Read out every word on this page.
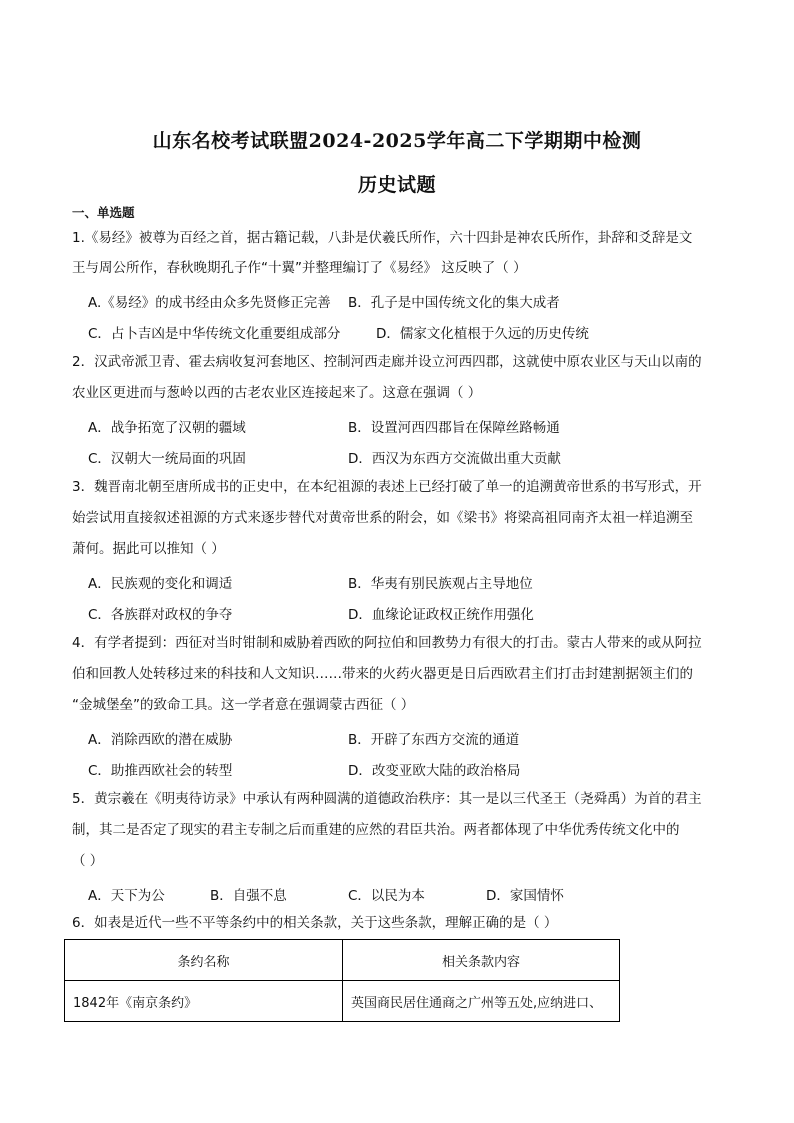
山东名校考试联盟2024-2025学年高二下学期期中检测
历史试题
一、单选题
1.《易经》被尊为百经之首，据古籍记载，八卦是伏羲氏所作，六十四卦是神农氏所作，卦辞和爻辞是文
王与周公所作，春秋晚期孔子作“十翼”并整理编订了《易经》 这反映了（ ）
A.《易经》的成书经由众多先贤修正完善 B．孔子是中国传统文化的集大成者
C．占卜吉凶是中华传统文化重要组成部分	D．儒家文化植根于久远的历史传统
2．汉武帝派卫青、霍去病收复河套地区、控制河西走廊并设立河西四郡，这就使中原农业区与天山以南的
农业区更进而与葱岭以西的古老农业区连接起来了。这意在强调（ ）
A．战争拓宽了汉朝的疆域	B．设置河西四郡旨在保障丝路畅通
C．汉朝大一统局面的巩固	D．西汉为东西方交流做出重大贡献
3．魏晋南北朝至唐所成书的正史中，在本纪祖源的表述上已经打破了单一的追溯黄帝世系的书写形式，开
始尝试用直接叙述祖源的方式来逐步替代对黄帝世系的附会，如《梁书》将梁高祖同南齐太祖一样追溯至
萧何。据此可以推知（ ）
A．民族观的变化和调适	B．华夷有别民族观占主导地位
C．各族群对政权的争夺	D．血缘论证政权正统作用强化
4．有学者提到：西征对当时钳制和威胁着西欧的阿拉伯和回教势力有很大的打击。蒙古人带来的或从阿拉
伯和回教人处转移过来的科技和人文知识……带来的火药火器更是日后西欧君主们打击封建割据领主们的
“金城堡垒”的致命工具。这一学者意在强调蒙古西征（ ）
A．消除西欧的潜在威胁	B．开辟了东西方交流的通道
C．助推西欧社会的转型	D．改变亚欧大陆的政治格局
5．黄宗羲在《明夷待访录》中承认有两种圆满的道德政治秩序：其一是以三代圣王（尧舜禹）为首的君主
制，其二是否定了现实的君主专制之后而重建的应然的君臣共治。两者都体现了中华优秀传统文化中的
（ ）
A．天下为公	B．自强不息	C．以民为本	D．家国情怀
6．如表是近代一些不平等条约中的相关条款，关于这些条款，理解正确的是（ ）
条约名称	相关条款内容
1842年《南京条约》	英国商民居住通商之广州等五处,应纳进口、
